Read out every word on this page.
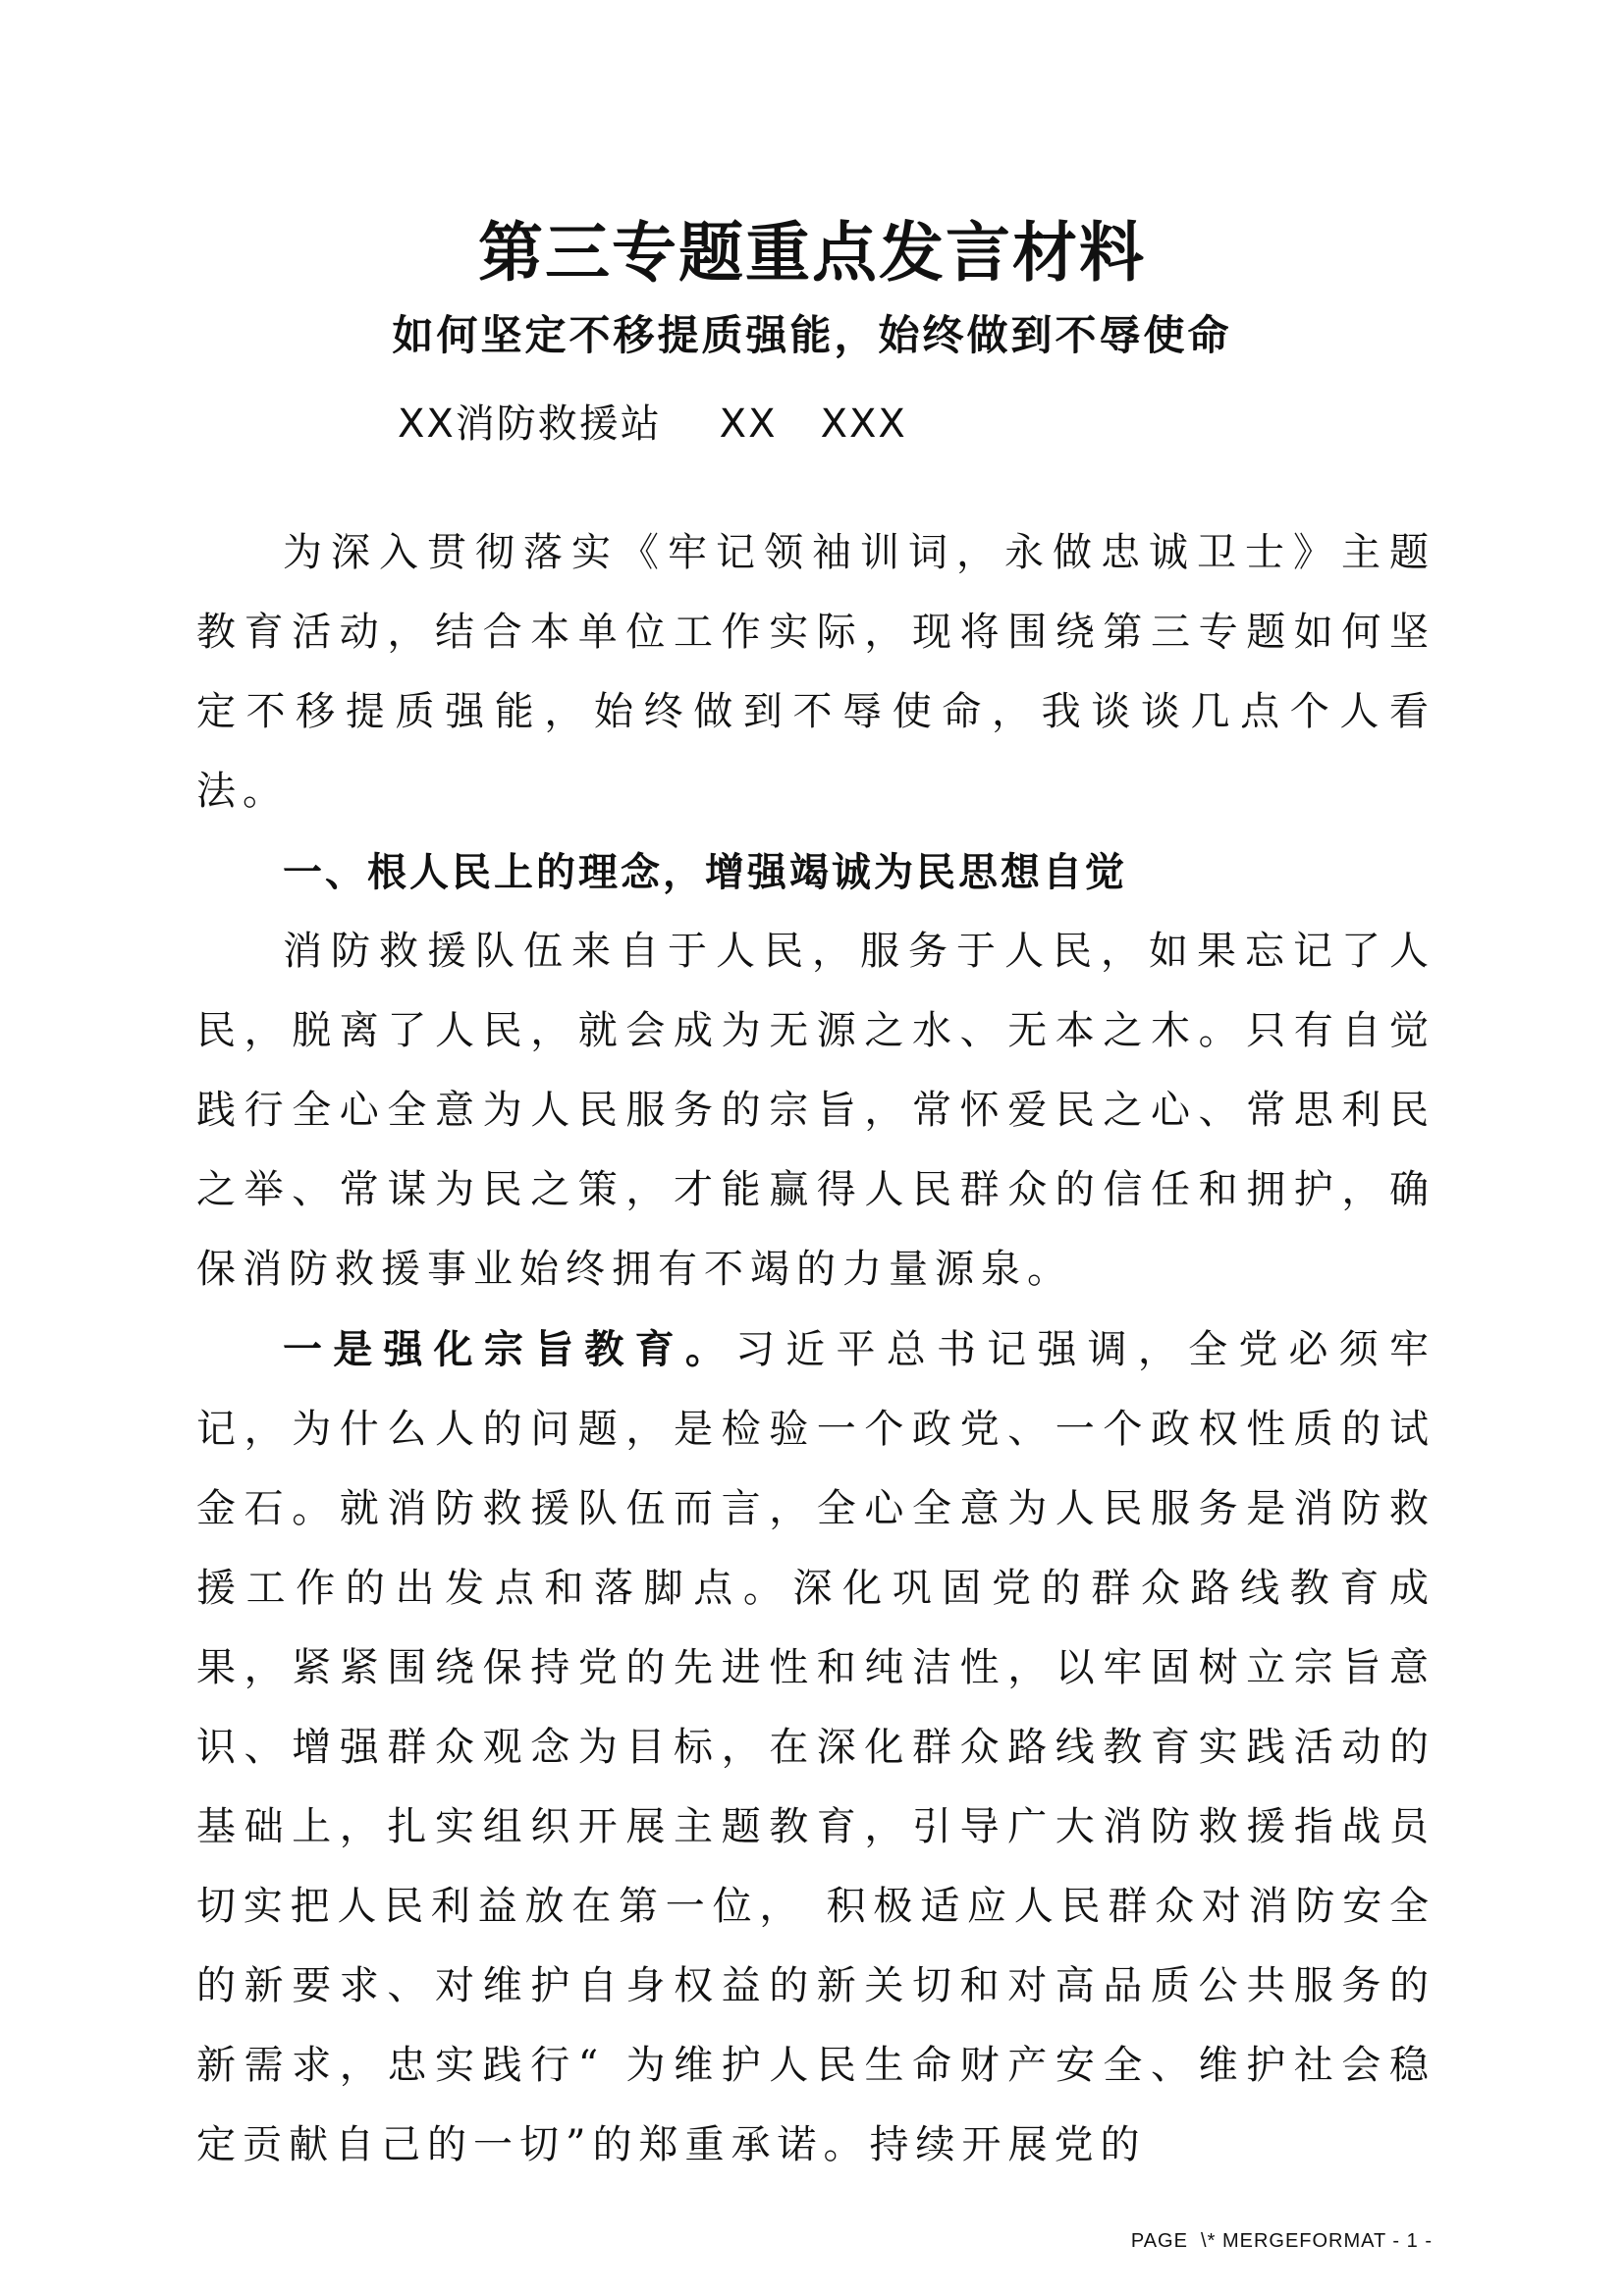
第三专题重点发言材料
如何坚定不移提质强能，始终做到不辱使命
XX消防救援站    XX   XXX

为深入贯彻落实《牢记领袖训词，永做忠诚卫士》主题教育活动，结合本单位工作实际，现将围绕第三专题如何坚定不移提质强能，始终做到不辱使命，我谈谈几点个人看法。

一、根人民上的理念，增强竭诚为民思想自觉

消防救援队伍来自于人民，服务于人民，如果忘记了人民，脱离了人民，就会成为无源之水、无本之木。只有自觉践行全心全意为人民服务的宗旨，常怀爱民之心、常思利民之举、常谋为民之策，才能赢得人民群众的信任和拥护，确保消防救援事业始终拥有不竭的力量源泉。

一是强化宗旨教育。习近平总书记强调，全党必须牢记，为什么人的问题，是检验一个政党、一个政权性质的试金石。就消防救援队伍而言，全心全意为人民服务是消防救援工作的出发点和落脚点。深化巩固党的群众路线教育成果，紧紧围绕保持党的先进性和纯洁性，以牢固树立宗旨意识、增强群众观念为目标，在深化群众路线教育实践活动的基础上，扎实组织开展主题教育，引导广大消防救援指战员切实把人民利益放在第一位， 积极适应人民群众对消防安全的新要求、对维护自身权益的新关切和对高品质公共服务的新需求，忠实践行“ 为维护人民生命财产安全、维护社会稳定贡献自己的一切”的郑重承诺。持续开展党的

PAGE  \* MERGEFORMAT - 1 -
